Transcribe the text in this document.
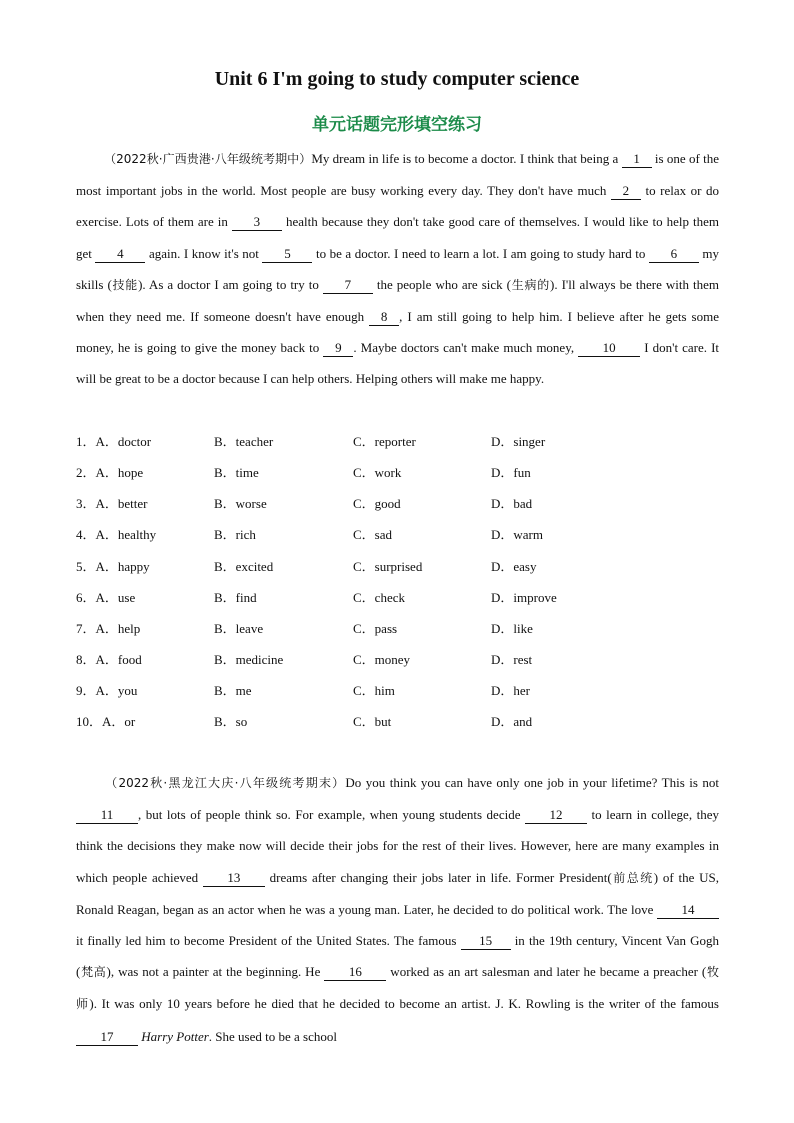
Unit 6 I'm going to study computer science
单元话题完形填空练习
（2022秋·广西贵港·八年级统考期中）My dream in life is to become a doctor. I think that being a 1 is one of the most important jobs in the world. Most people are busy working every day. They don't have much 2 to relax or do exercise. Lots of them are in 3 health because they don't take good care of themselves. I would like to help them get 4 again. I know it's not 5 to be a doctor. I need to learn a lot. I am going to study hard to 6 my skills (技能). As a doctor I am going to try to 7 the people who are sick (生病的). I'll always be there with them when they need me. If someone doesn't have enough 8 , I am still going to help him. I believe after he gets some money, he is going to give the money back to 9 . Maybe doctors can't make much money, 10 I don't care. It will be great to be a doctor because I can help others. Helping others will make me happy.
1．A．doctor	B．teacher	C．reporter	D．singer
2．A．hope	B．time	C．work	D．fun
3．A．better	B．worse	C．good	D．bad
4．A．healthy	B．rich	C．sad	D．warm
5．A．happy	B．excited	C．surprised	D．easy
6．A．use	B．find	C．check	D．improve
7．A．help	B．leave	C．pass	D．like
8．A．food	B．medicine	C．money	D．rest
9．A．you	B．me	C．him	D．her
10．A．or	B．so	C．but	D．and
（2022秋·黑龙江大庆·八年级统考期末）Do you think you can have only one job in your lifetime? This is not 11 , but lots of people think so. For example, when young students decide 12 to learn in college, they think the decisions they make now will decide their jobs for the rest of their lives. However, here are many examples in which people achieved 13 dreams after changing their jobs later in life. Former President(前总统) of the US, Ronald Reagan, began as an actor when he was a young man. Later, he decided to do political work. The love 14 it finally led him to become President of the United States. The famous 15 in the 19th century, Vincent Van Gogh (梵高), was not a painter at the beginning. He 16 worked as an art salesman and later he became a preacher (牧师). It was only 10 years before he died that he decided to become an artist. J. K. Rowling is the writer of the famous 17 Harry Potter. She used to be a school
